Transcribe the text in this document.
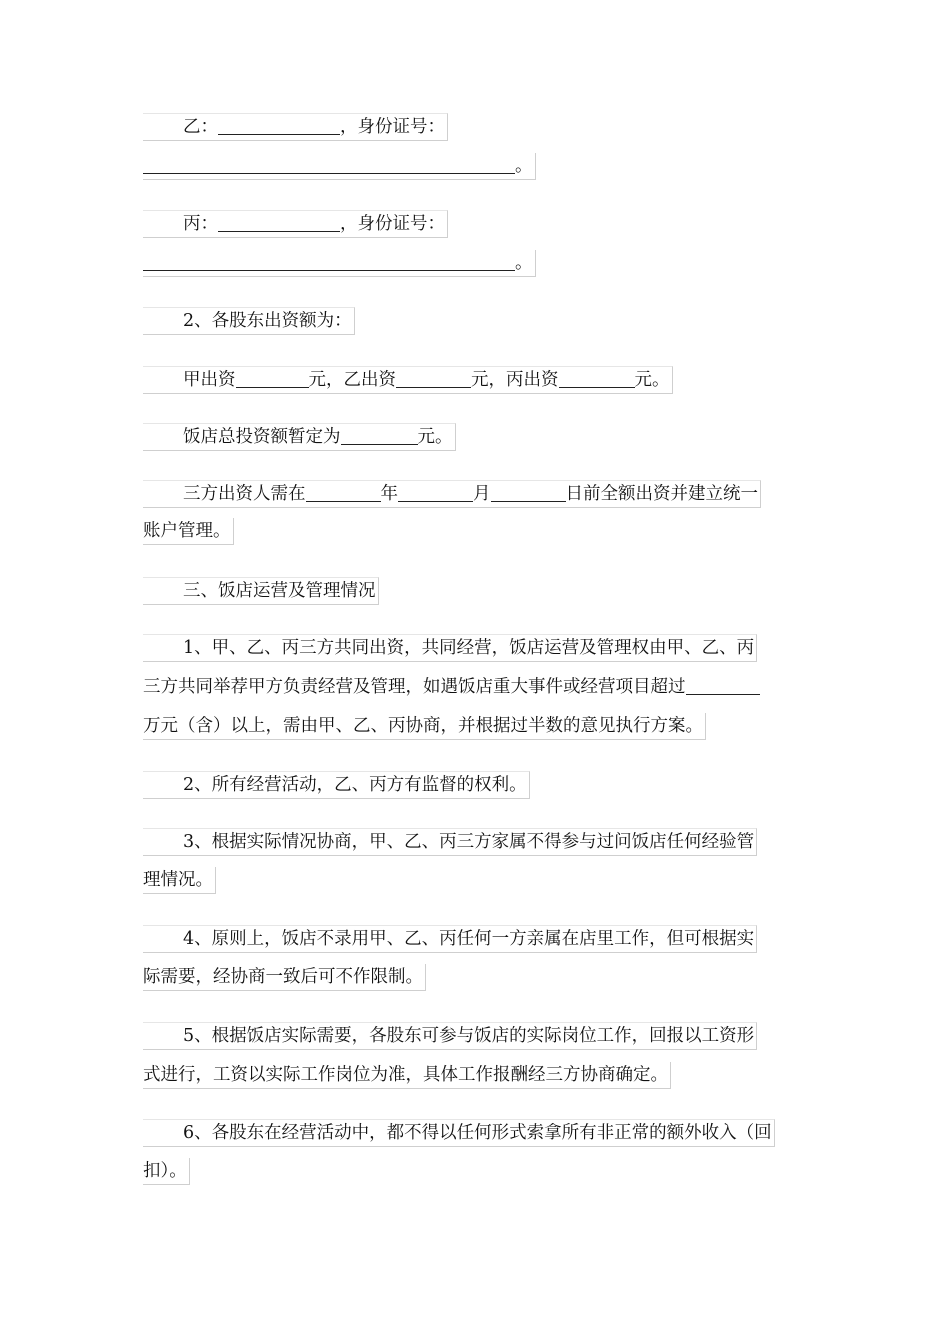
乙：	，身份证号：
。
丙：	，身份证号：
。
2、各股东出资额为：
甲出资	元，乙出资	元，丙出资	元。
饭店总投资额暂定为	元。
三方出资人需在	年	月	日前全额出资并建立统一
账户管理。
三、饭店运营及管理情况
1、甲、乙、丙三方共同出资，共同经营，饭店运营及管理权由甲、乙、丙
三方共同举荐甲方负责经营及管理，如遇饭店重大事件或经营项目超过
万元（含）以上，需由甲、乙、丙协商，并根据过半数的意见执行方案。
2、所有经营活动，乙、丙方有监督的权利。
3、根据实际情况协商，甲、乙、丙三方家属不得参与过问饭店任何经验管
理情况。
4、原则上，饭店不录用甲、乙、丙任何一方亲属在店里工作，但可根据实
际需要，经协商一致后可不作限制。
5、根据饭店实际需要，各股东可参与饭店的实际岗位工作，回报以工资形
式进行，工资以实际工作岗位为准，具体工作报酬经三方协商确定。
6、各股东在经营活动中，都不得以任何形式索拿所有非正常的额外收入（回
扣）。
